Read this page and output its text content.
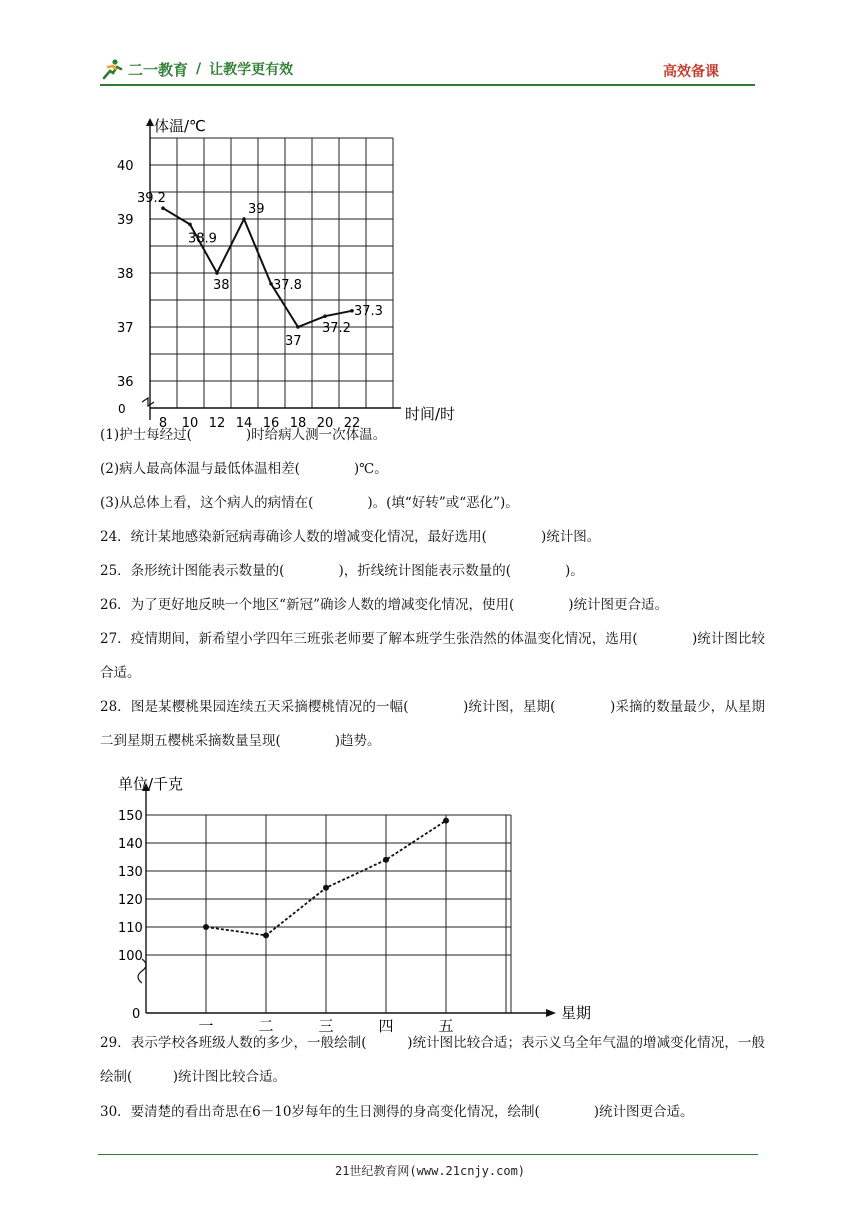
二一教育 / 让教学更有效	高效备课
体温/℃
时间/时
0
36
37
38
39
40
8 10 12 14 16 18 20 22
39.2
38.9
38
39
37.8
37
37.2
37.3
(1)护士每经过(　　　　)时给病人测一次体温。
(2)病人最高体温与最低体温相差(　　　　)℃。
(3)从总体上看，这个病人的病情在(　　　　)。(填“好转”或“恶化”)。
24．统计某地感染新冠病毒确诊人数的增减变化情况，最好选用(　　　　)统计图。
25．条形统计图能表示数量的(　　　　)，折线统计图能表示数量的(　　　　)。
26．为了更好地反映一个地区“新冠”确诊人数的增减变化情况，使用(　　　　)统计图更合适。
27．疫情期间，新希望小学四年三班张老师要了解本班学生张浩然的体温变化情况，选用(　　　　)统计图比较合适。
28．图是某樱桃果园连续五天采摘樱桃情况的一幅(　　　　)统计图，星期(　　　　)采摘的数量最少，从星期二到星期五樱桃采摘数量呈现(　　　　)趋势。
单位/千克
星期
0
100
110
120
130
140
150
一	二	三	四	五
29．表示学校各班级人数的多少，一般绘制(　　　)统计图比较合适；表示义乌全年气温的增减变化情况，一般绘制(　　　)统计图比较合适。
30．要清楚的看出奇思在6－10岁每年的生日测得的身高变化情况，绘制(　　　　)统计图更合适。
21世纪教育网(www.21cnjy.com)
